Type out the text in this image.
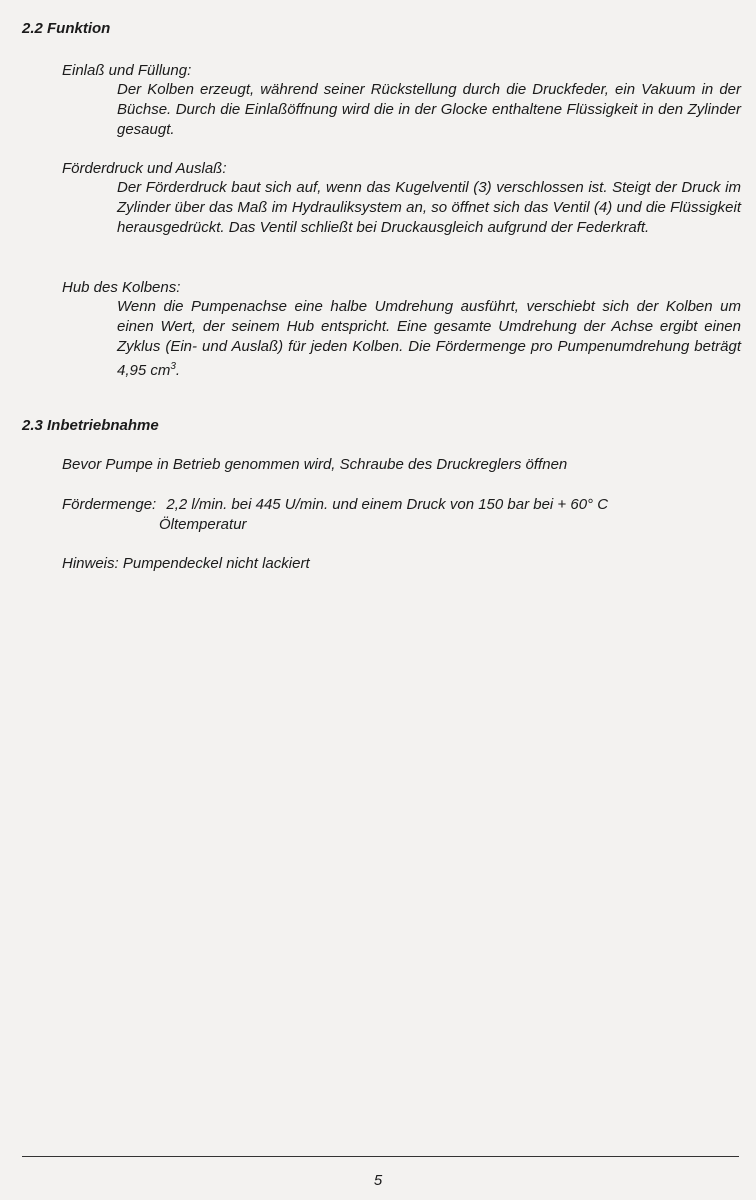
2.2 Funktion
Einlaß und Füllung:
Der Kolben erzeugt, während seiner Rückstellung durch die Druckfeder, ein Vakuum in der Büchse. Durch die Einlaßöffnung wird die in der Glocke enthaltene Flüssigkeit in den Zylinder gesaugt.
Förderdruck und Auslaß:
Der Förderdruck baut sich auf, wenn das Kugelventil (3) verschlossen ist. Steigt der Druck im Zylinder über das Maß im Hydrauliksystem an, so öffnet sich das Ventil (4) und die Flüssigkeit herausgedrückt. Das Ventil schließt bei Druckausgleich aufgrund der Federkraft.
Hub des Kolbens:
Wenn die Pumpenachse eine halbe Umdrehung ausführt, verschiebt sich der Kolben um einen Wert, der seinem Hub entspricht. Eine gesamte Umdrehung der Achse ergibt einen Zyklus (Ein- und Auslaß) für jeden Kolben. Die Fördermenge pro Pumpenumdrehung beträgt 4,95 $cm^3$.
2.3 Inbetriebnahme
Bevor Pumpe in Betrieb genommen wird, Schraube des Druckreglers öffnen
Fördermenge: 2,2 l/min. bei 445 U/min. und einem Druck von 150 bar bei + 60° C
Öltemperatur
Hinweis: Pumpendeckel nicht lackiert
5
